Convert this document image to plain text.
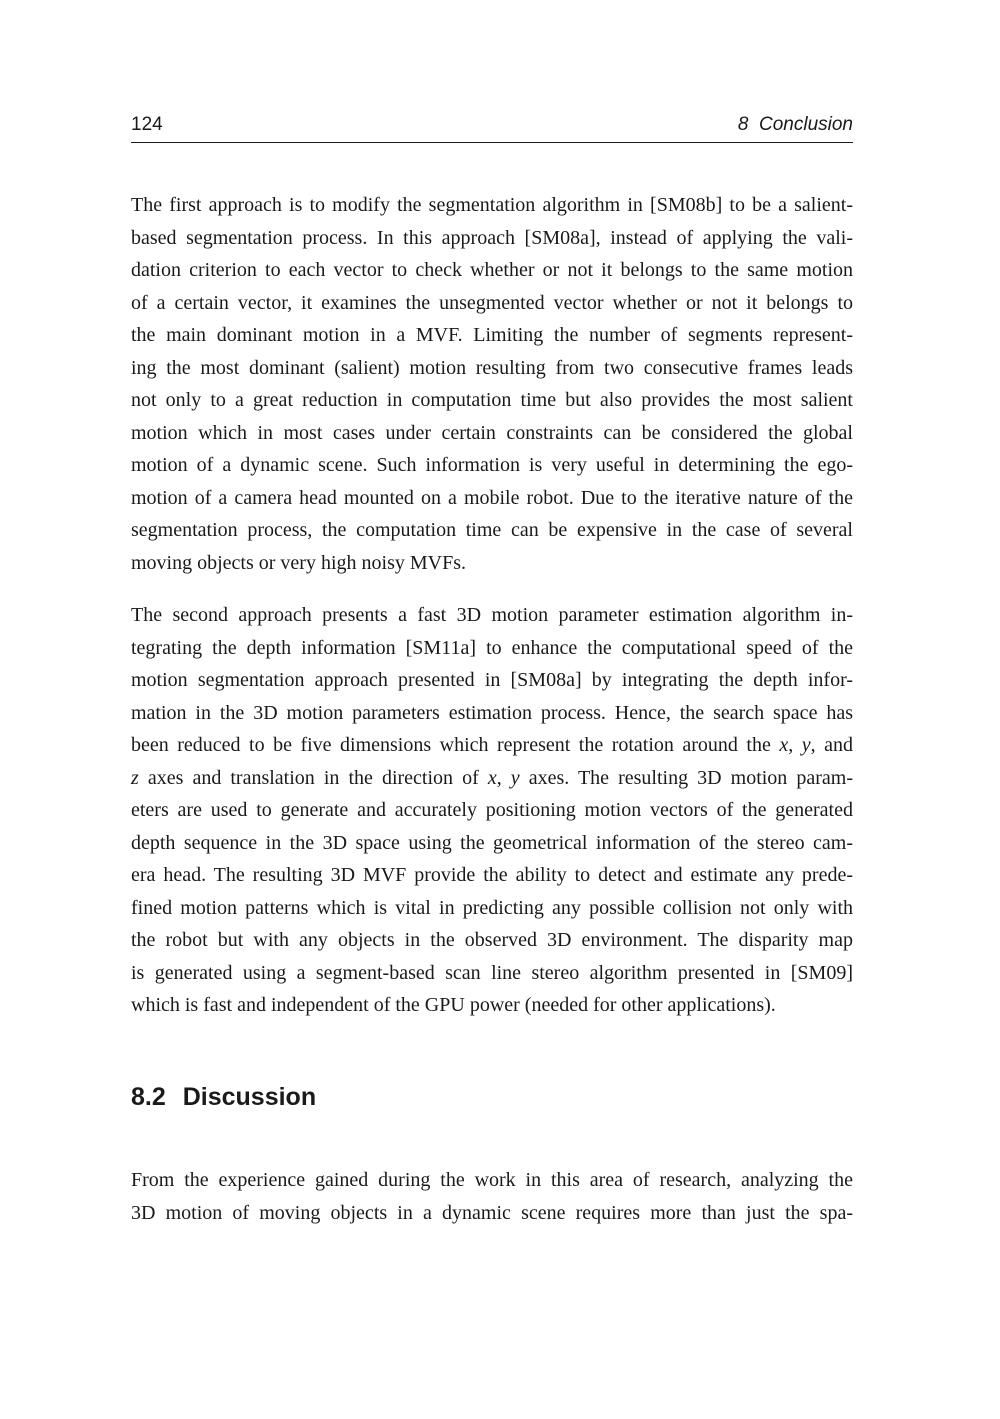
124	8  Conclusion

The first approach is to modify the segmentation algorithm in [SM08b] to be a salient-
based segmentation process. In this approach [SM08a], instead of applying the vali-
dation criterion to each vector to check whether or not it belongs to the same motion
of a certain vector, it examines the unsegmented vector whether or not it belongs to
the main dominant motion in a MVF. Limiting the number of segments represent-
ing the most dominant (salient) motion resulting from two consecutive frames leads
not only to a great reduction in computation time but also provides the most salient
motion which in most cases under certain constraints can be considered the global
motion of a dynamic scene. Such information is very useful in determining the ego-
motion of a camera head mounted on a mobile robot. Due to the iterative nature of the
segmentation process, the computation time can be expensive in the case of several
moving objects or very high noisy MVFs.

The second approach presents a fast 3D motion parameter estimation algorithm in-
tegrating the depth information [SM11a] to enhance the computational speed of the
motion segmentation approach presented in [SM08a] by integrating the depth infor-
mation in the 3D motion parameters estimation process. Hence, the search space has
been reduced to be five dimensions which represent the rotation around the x, y, and
z axes and translation in the direction of x, y axes. The resulting 3D motion param-
eters are used to generate and accurately positioning motion vectors of the generated
depth sequence in the 3D space using the geometrical information of the stereo cam-
era head. The resulting 3D MVF provide the ability to detect and estimate any prede-
fined motion patterns which is vital in predicting any possible collision not only with
the robot but with any objects in the observed 3D environment. The disparity map
is generated using a segment-based scan line stereo algorithm presented in [SM09]
which is fast and independent of the GPU power (needed for other applications).

8.2 Discussion
From the experience gained during the work in this area of research, analyzing the
3D motion of moving objects in a dynamic scene requires more than just the spa-
